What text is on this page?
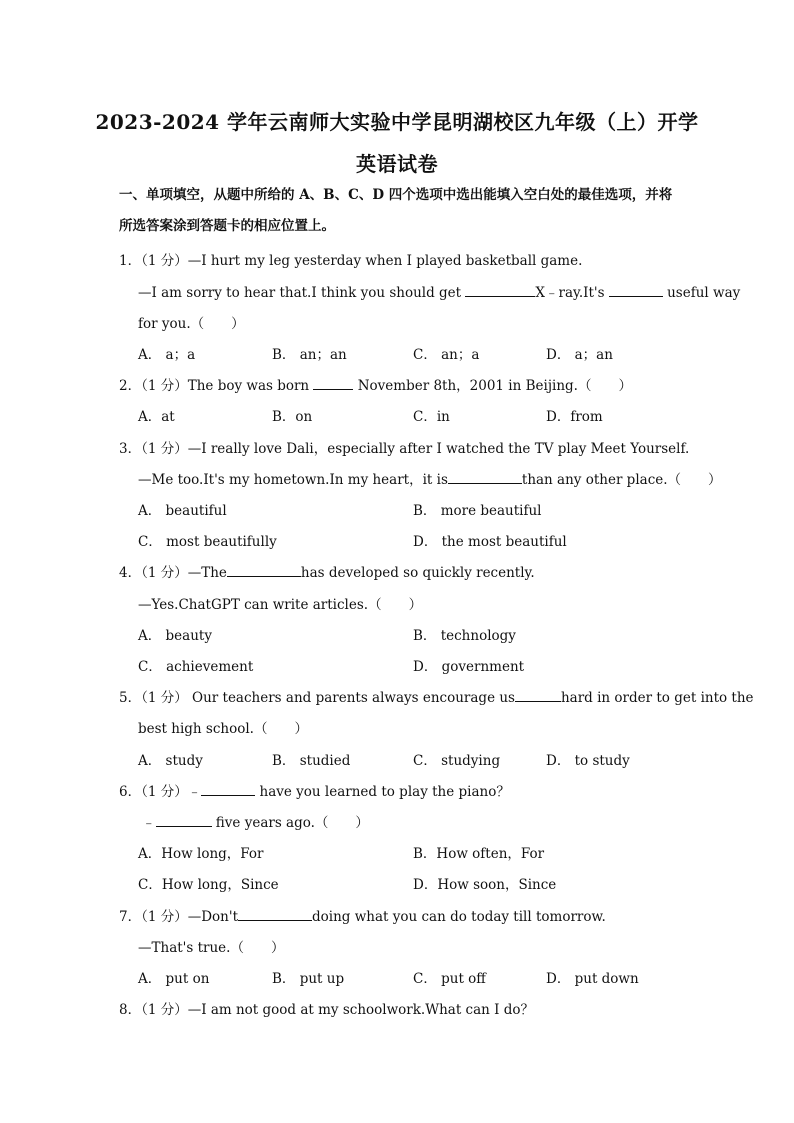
2023-2024 学年云南师大实验中学昆明湖校区九年级（上）开学
英语试卷
一、单项填空，从题中所给的 A、B、C、D 四个选项中选出能填入空白处的最佳选项，并将所选答案涂到答题卡的相应位置上。
1．（1 分）—I hurt my leg yesterday when I played basketball game.
—I am sorry to hear that.I think you should get	X﹣ray.It's	useful way
for you.（　　）
A． a；a	B． an；an	C． an；a	D． a；an
2．（1 分）The boy was born	November 8th，2001 in Beijing.（　　）
A．at	B．on	C．in	D．from
3．（1 分）—I really love Dali，especially after I watched the TV play Meet Yourself.
—Me too.It's my hometown.In my heart，it is	than any other place.（　　）
A． beautiful	B． more beautiful
C． most beautifully	D． the most beautiful
4．（1 分）—The	has developed so quickly recently.
—Yes.ChatGPT can write articles.（　　）
A． beauty	B． technology
C． achievement	D． government
5．（1 分） Our teachers and parents always encourage us	hard in order to get into the
best high school.（　　）
A． study	B． studied	C． studying	D． to study
6．（1 分）﹣	have you learned to play the piano？
﹣	five years ago.（　　）
A．How long，For	B．How often，For
C．How long，Since	D．How soon，Since
7．（1 分）—Don't	doing what you can do today till tomorrow.
—That's true.（　　）
A． put on	B． put up	C． put off	D． put down
8．（1 分）—I am not good at my schoolwork.What can I do？
